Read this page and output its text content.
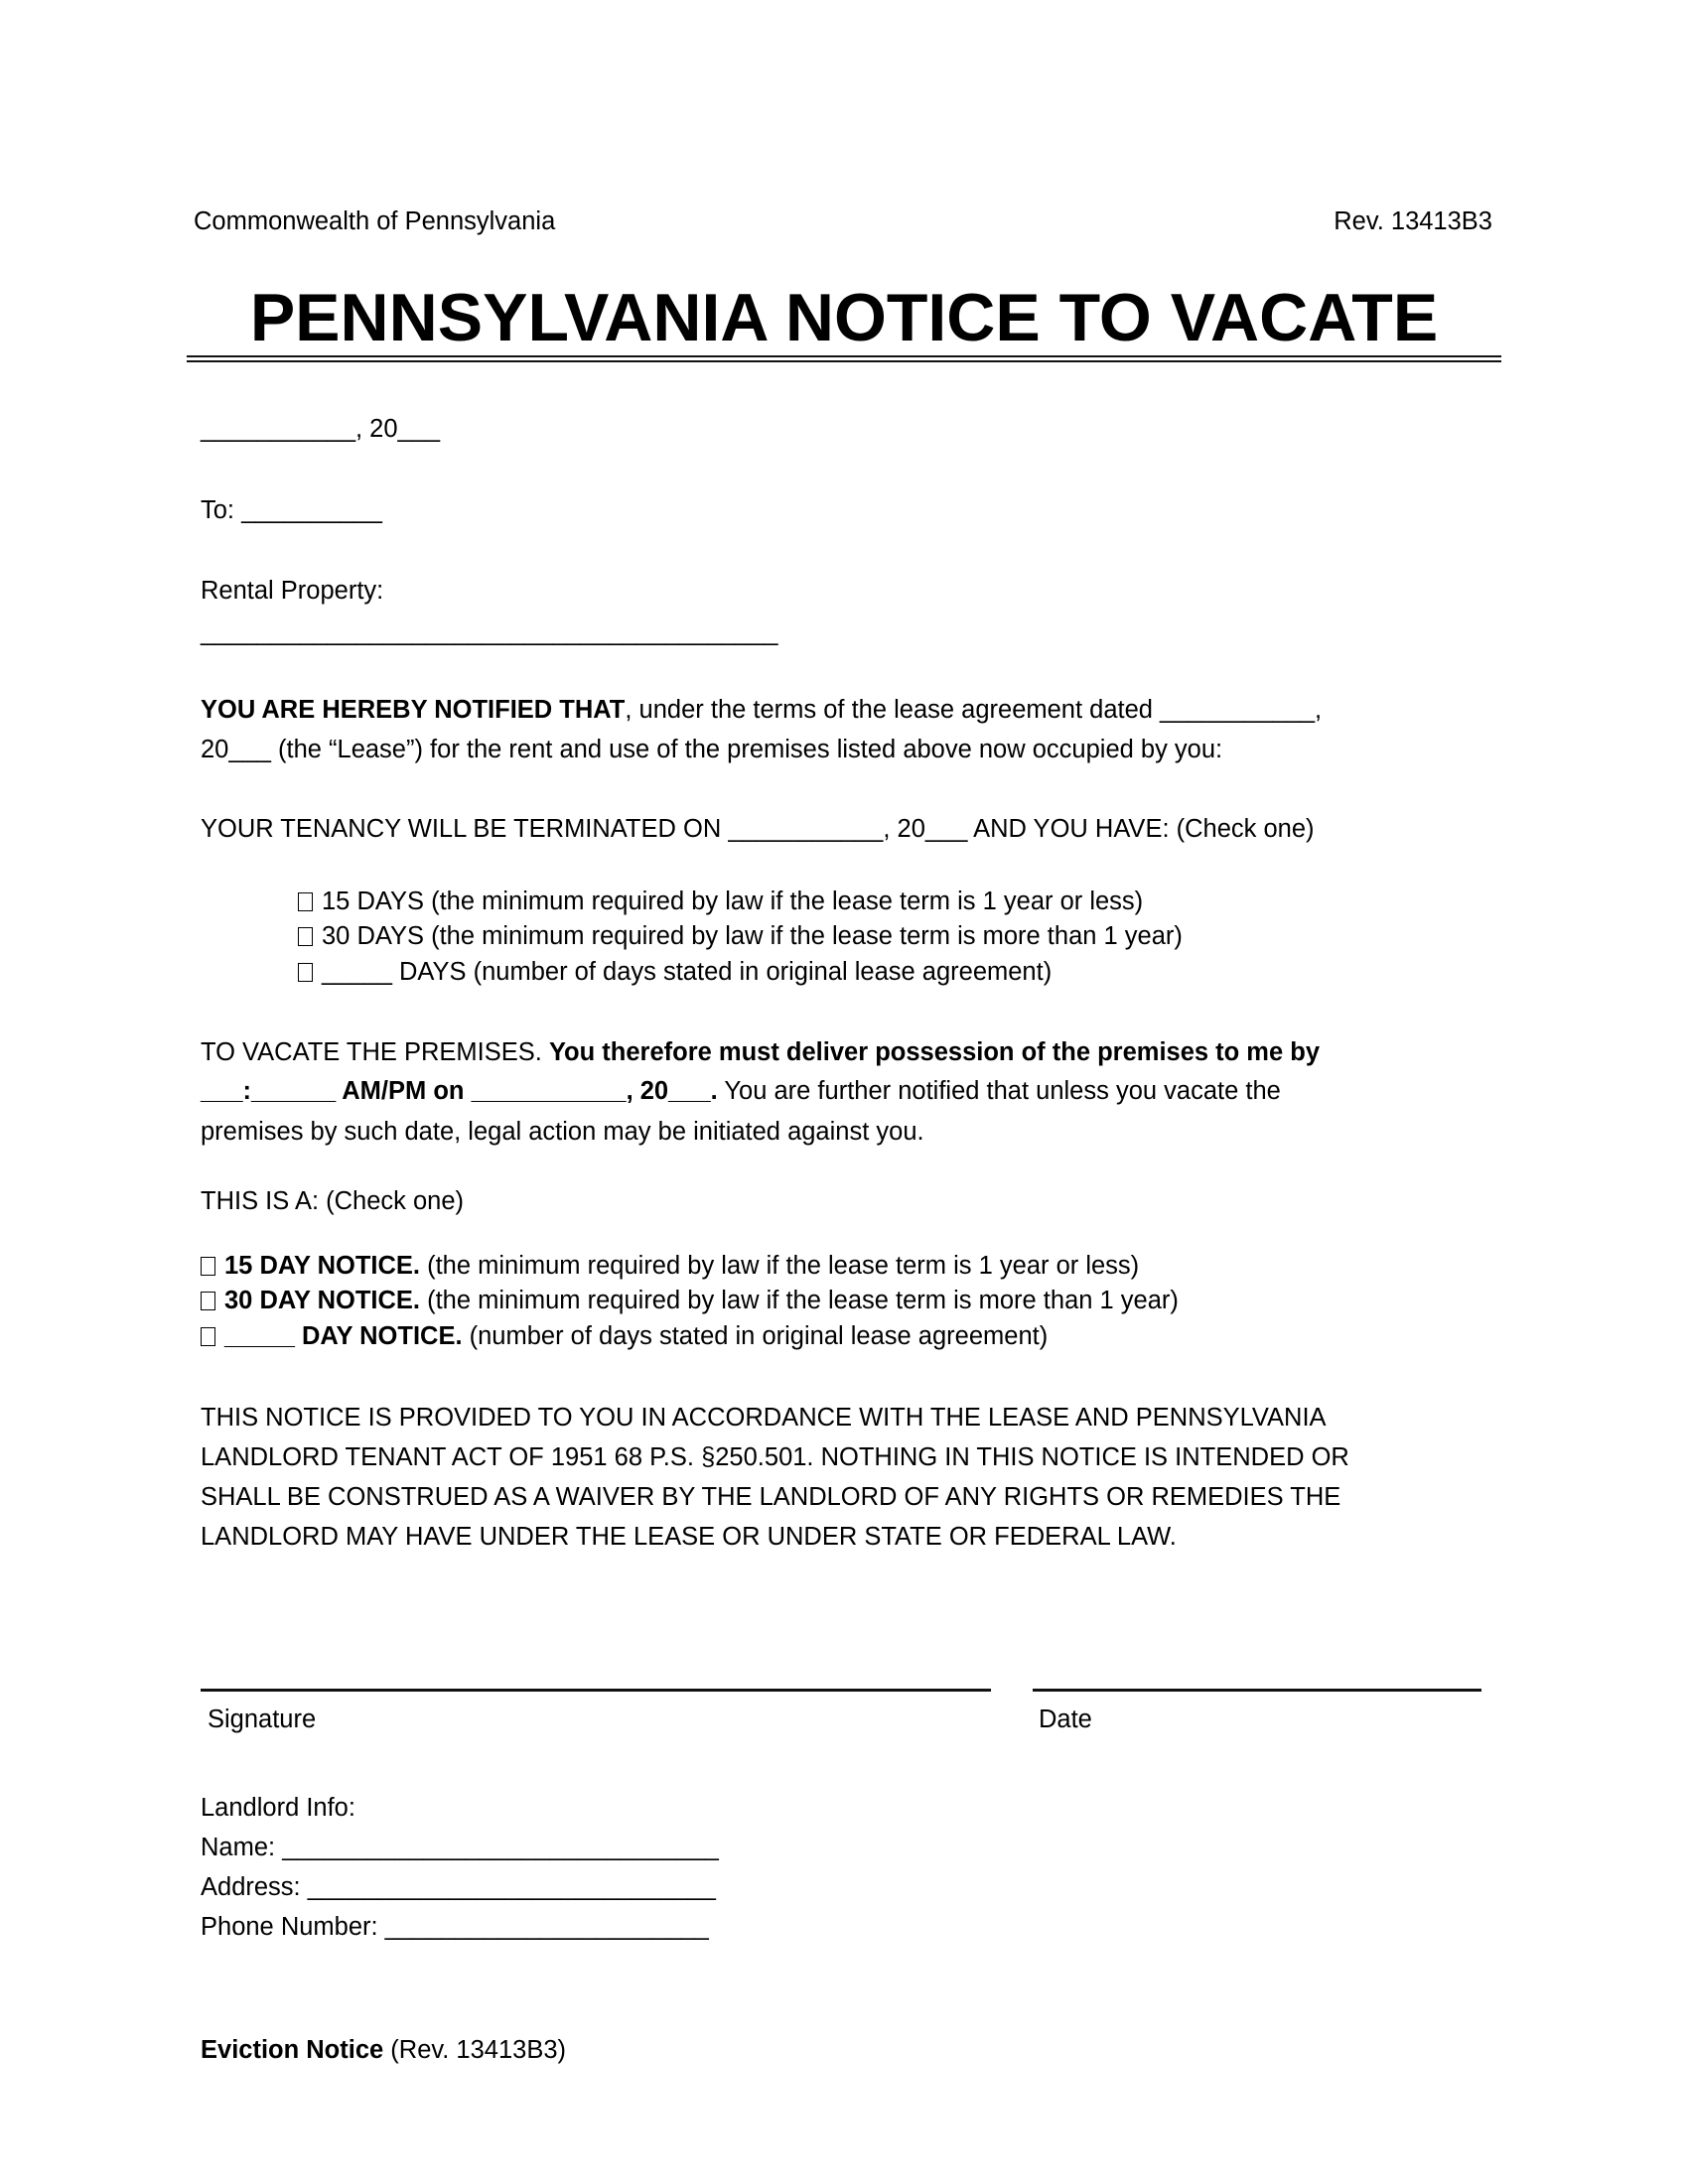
Commonwealth of Pennsylvania	Rev. 13413B3
PENNSYLVANIA NOTICE TO VACATE
___________, 20___
To: __________
Rental Property:
_________________________________________
YOU ARE HEREBY NOTIFIED THAT, under the terms of the lease agreement dated ___________,
20___ (the “Lease”) for the rent and use of the premises listed above now occupied by you:
YOUR TENANCY WILL BE TERMINATED ON ___________, 20___ AND YOU HAVE: (Check one)
15 DAYS (the minimum required by law if the lease term is 1 year or less)
30 DAYS (the minimum required by law if the lease term is more than 1 year)
_____ DAYS (number of days stated in original lease agreement)
TO VACATE THE PREMISES. You therefore must deliver possession of the premises to me by
___:______ AM/PM on ___________, 20___. You are further notified that unless you vacate the
premises by such date, legal action may be initiated against you.
THIS IS A: (Check one)
15 DAY NOTICE. (the minimum required by law if the lease term is 1 year or less)
30 DAY NOTICE. (the minimum required by law if the lease term is more than 1 year)
_____ DAY NOTICE. (number of days stated in original lease agreement)
THIS NOTICE IS PROVIDED TO YOU IN ACCORDANCE WITH THE LEASE AND PENNSYLVANIA
LANDLORD TENANT ACT OF 1951 68 P.S. §250.501. NOTHING IN THIS NOTICE IS INTENDED OR
SHALL BE CONSTRUED AS A WAIVER BY THE LANDLORD OF ANY RIGHTS OR REMEDIES THE
LANDLORD MAY HAVE UNDER THE LEASE OR UNDER STATE OR FEDERAL LAW.
Signature	Date
Landlord Info:
Name: _______________________________
Address: _____________________________
Phone Number: _______________________
Eviction Notice (Rev. 13413B3)
